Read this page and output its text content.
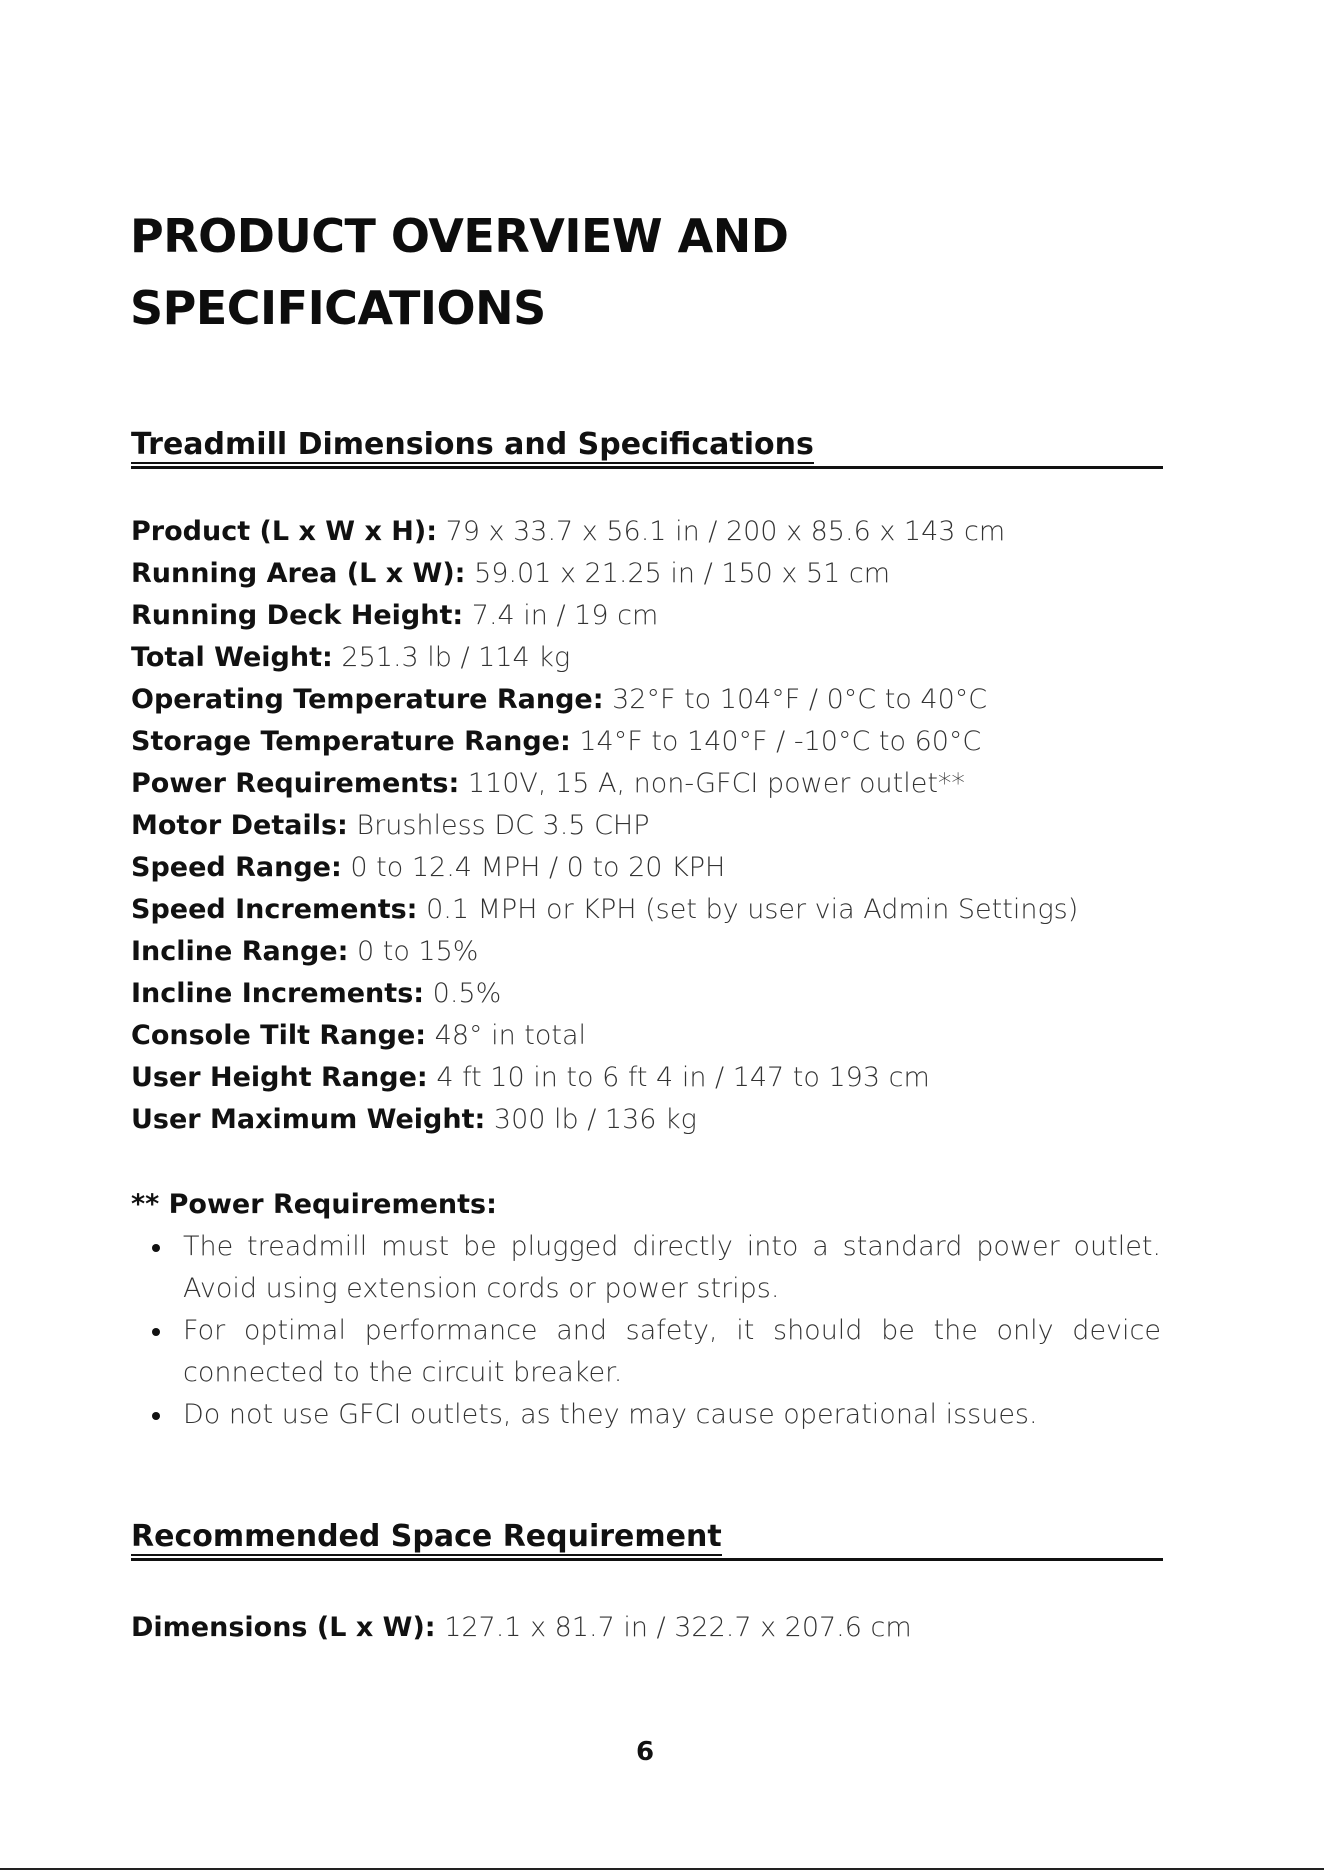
PRODUCT OVERVIEW AND SPECIFICATIONS
Treadmill Dimensions and Specifications
Product (L x W x H): 79 x 33.7 x 56.1 in / 200 x 85.6 x 143 cm
Running Area (L x W): 59.01 x 21.25 in / 150 x 51 cm
Running Deck Height: 7.4 in / 19 cm
Total Weight: 251.3 lb / 114 kg
Operating Temperature Range: 32°F to 104°F / 0°C to 40°C
Storage Temperature Range: 14°F to 140°F / -10°C to 60°C
Power Requirements: 110V, 15 A, non-GFCI power outlet**
Motor Details: Brushless DC 3.5 CHP
Speed Range: 0 to 12.4 MPH / 0 to 20 KPH
Speed Increments: 0.1 MPH or KPH (set by user via Admin Settings)
Incline Range: 0 to 15%
Incline Increments: 0.5%
Console Tilt Range: 48° in total
User Height Range: 4 ft 10 in to 6 ft 4 in / 147 to 193 cm
User Maximum Weight: 300 lb / 136 kg

** Power Requirements:

The treadmill must be plugged directly into a standard power outlet. Avoid using extension cords or power strips.
For optimal performance and safety, it should be the only device connected to the circuit breaker.
Do not use GFCI outlets, as they may cause operational issues.
Recommended Space Requirement
Dimensions (L x W): 127.1 x 81.7 in / 322.7 x 207.6 cm
6
